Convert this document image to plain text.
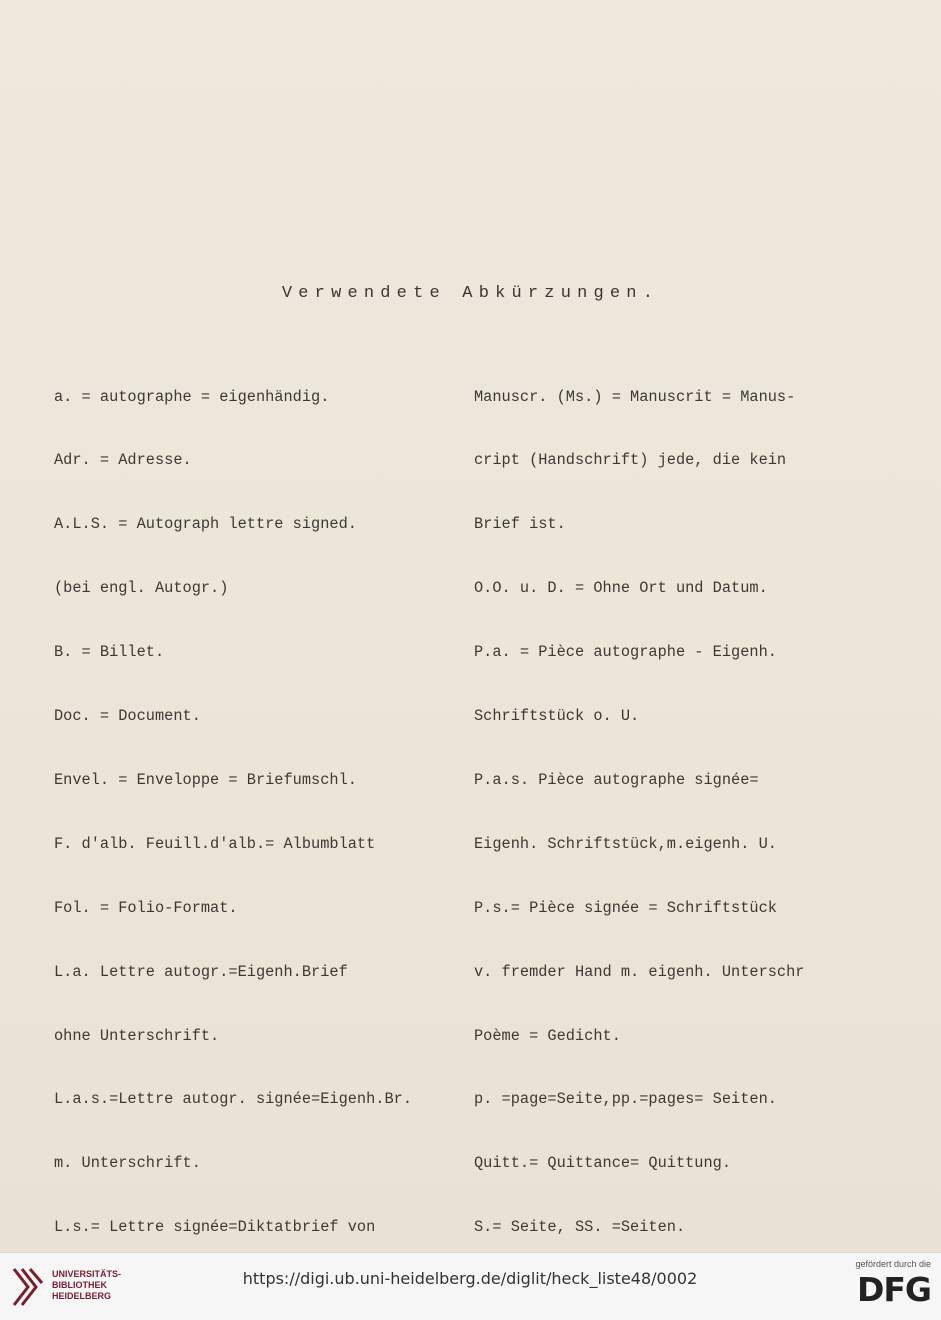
Verwendete Abkürzungen.

a. = autographe = eigenhändig.

Adr. = Adresse.

A.L.S. = Autograph lettre signed.

(bei engl. Autogr.)

B. = Billet.

Doc. = Document.

Envel. = Enveloppe = Briefumschl.

F. d'alb. Feuill.d'alb.= Albumblatt

Fol. = Folio-Format.

L.a. Lettre autogr.=Eigenh.Brief

ohne Unterschrift.

L.a.s.=Lettre autogr. signée=Eigenh.Br.

m. Unterschrift.

L.s.= Lettre signée=Diktatbrief von

Manuscr. (Ms.) = Manuscrit = Manus-

cript (Handschrift) jede, die kein

Brief ist.

O.O. u. D. = Ohne Ort und Datum.

P.a. = Pièce autographe - Eigenh.

Schriftstück o. U.

P.a.s. Pièce autographe signée=

Eigenh. Schriftstück,m.eigenh. U.

P.s.= Pièce signée = Schriftstück

v. fremder Hand m. eigenh. Unterschr

Poème = Gedicht.

p. =page=Seite,pp.=pages= Seiten.

Quitt.= Quittance= Quittung.

S.= Seite, SS. =Seiten.

UNIVERSITÄTS-
BIBLIOTHEK
HEIDELBERG
https://digi.ub.uni-heidelberg.de/diglit/heck_liste48/0002
gefördert durch die
DFG
